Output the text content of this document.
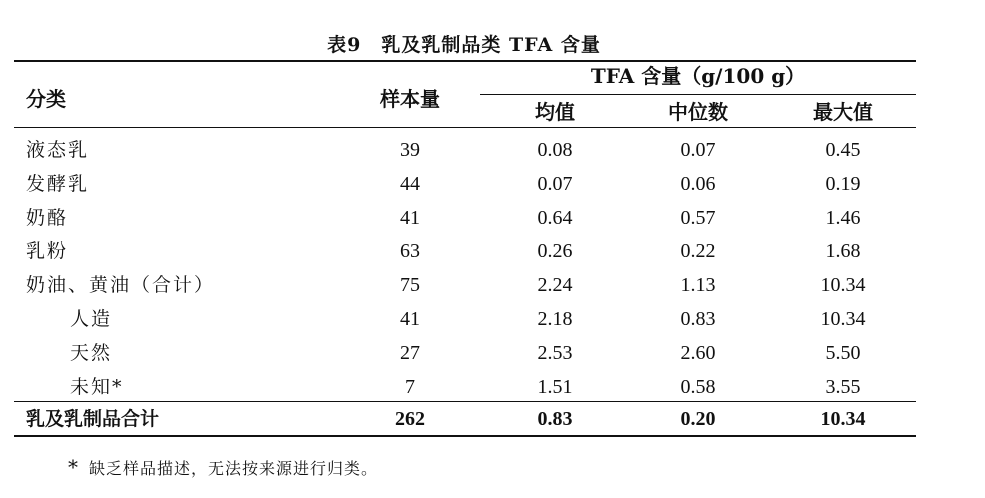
表9　乳及乳制品类 TFA 含量
分类	样本量
TFA 含量（g/100 g）
均值	中位数	最大值
液态乳	39	0.08	0.07	0.45
发酵乳	44	0.07	0.06	0.19
奶酪	41	0.64	0.57	1.46
乳粉	63	0.26	0.22	1.68
奶油、黄油（合计）	75	2.24	1.13	10.34
人造	41	2.18	0.83	10.34
天然	27	2.53	2.60	5.50
未知*	7	1.51	0.58	3.55
乳及乳制品合计	262	0.83	0.20	10.34
* 缺乏样品描述，无法按来源进行归类。
